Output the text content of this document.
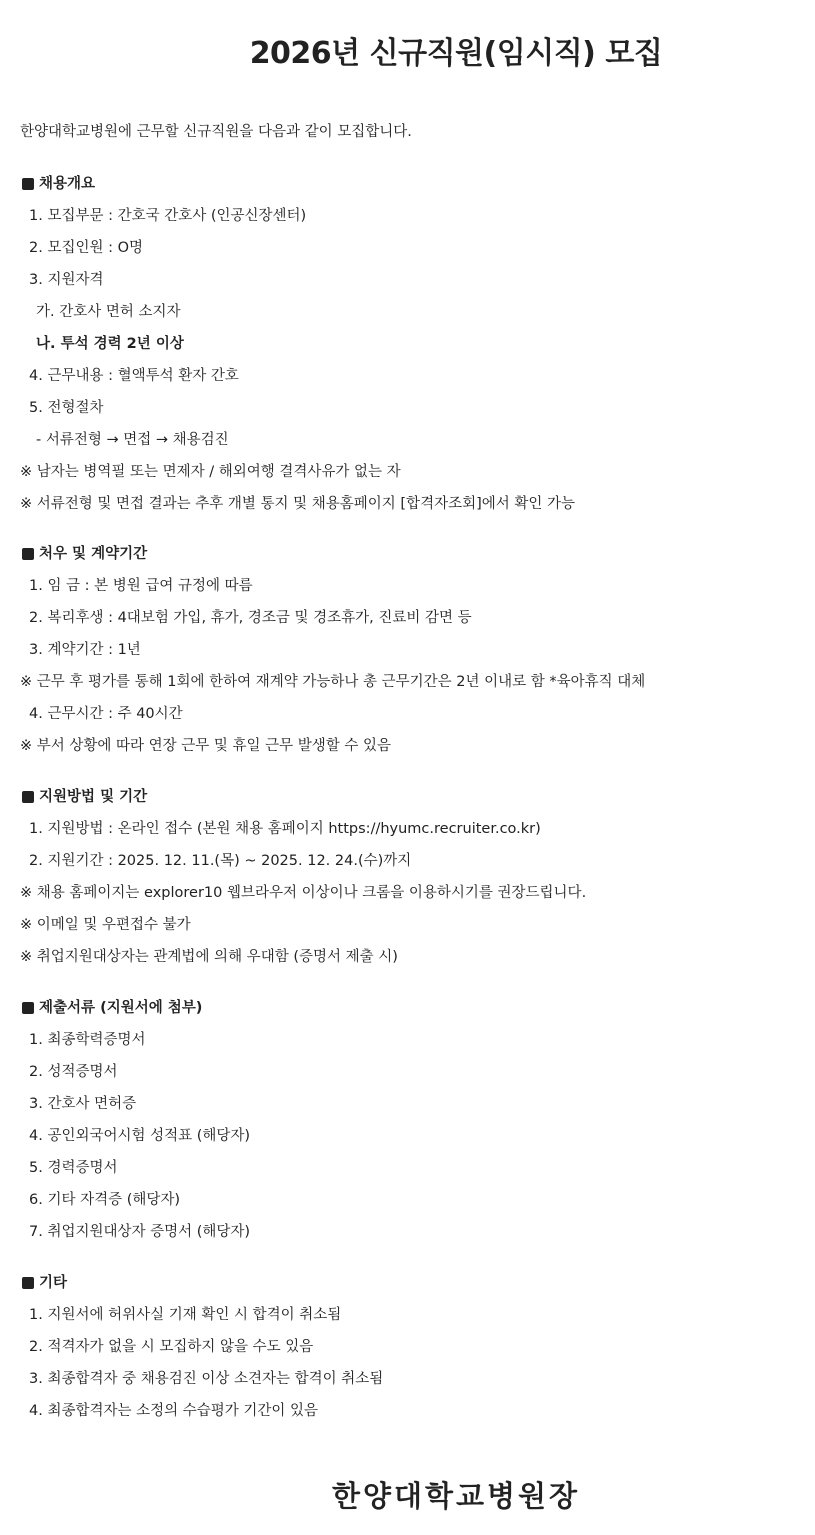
2026년 신규직원(임시직) 모집
한양대학교병원에 근무할 신규직원을 다음과 같이 모집합니다.
채용개요
1. 모집부문 : 간호국 간호사 (인공신장센터)
2. 모집인원 : O명
3. 지원자격
가. 간호사 면허 소지자
나. 투석 경력 2년 이상
4. 근무내용 : 혈액투석 환자 간호
5. 전형절차
- 서류전형 → 면접 → 채용검진
※ 남자는 병역필 또는 면제자 / 해외여행 결격사유가 없는 자
※ 서류전형 및 면접 결과는 추후 개별 통지 및 채용홈페이지 [합격자조회]에서 확인 가능
처우 및 계약기간
1. 임 금 : 본 병원 급여 규정에 따름
2. 복리후생 : 4대보험 가입, 휴가, 경조금 및 경조휴가, 진료비 감면 등
3. 계약기간 : 1년
※ 근무 후 평가를 통해 1회에 한하여 재계약 가능하나 총 근무기간은 2년 이내로 함 *육아휴직 대체
4. 근무시간 : 주 40시간
※ 부서 상황에 따라 연장 근무 및 휴일 근무 발생할 수 있음
지원방법 및 기간
1. 지원방법 : 온라인 접수 (본원 채용 홈페이지 https://hyumc.recruiter.co.kr)
2. 지원기간 : 2025. 12. 11.(목) ~ 2025. 12. 24.(수)까지
※ 채용 홈페이지는 explorer10 웹브라우저 이상이나 크롬을 이용하시기를 권장드립니다.
※ 이메일 및 우편접수 불가
※ 취업지원대상자는 관계법에 의해 우대함 (증명서 제출 시)
제출서류 (지원서에 첨부)
1. 최종학력증명서
2. 성적증명서
3. 간호사 면허증
4. 공인외국어시험 성적표 (해당자)
5. 경력증명서
6. 기타 자격증 (해당자)
7. 취업지원대상자 증명서 (해당자)
기타
1. 지원서에 허위사실 기재 확인 시 합격이 취소됨
2. 적격자가 없을 시 모집하지 않을 수도 있음
3. 최종합격자 중 채용검진 이상 소견자는 합격이 취소됨
4. 최종합격자는 소정의 수습평가 기간이 있음
한양대학교병원장
